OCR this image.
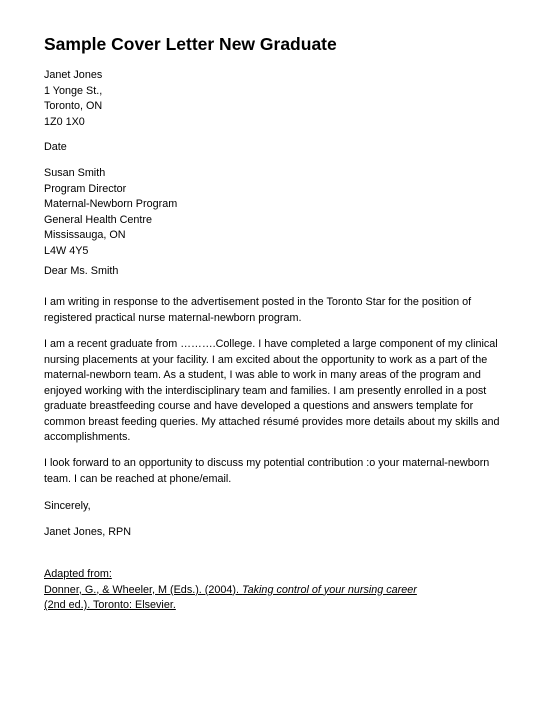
Sample Cover Letter New Graduate
Janet Jones
1 Yonge St.,
Toronto, ON
1Z0 1X0
Date
Susan Smith
Program Director
Maternal-Newborn Program
General Health Centre
Mississauga, ON
L4W 4Y5
Dear Ms. Smith
I am writing in response to the advertisement posted in the Toronto Star for the position of registered practical nurse maternal-newborn program.
I am a recent graduate from ……….College. I have completed a large component of my clinical nursing placements at your facility. I am excited about the opportunity to work as a part of the maternal-newborn team. As a student, I was able to work in many areas of the program and enjoyed working with the interdisciplinary team and families. I am presently enrolled in a post graduate breastfeeding course and have developed a questions and answers template for common breast feeding queries. My attached résumé provides more details about my skills and accomplishments.
I look forward to an opportunity to discuss my potential contribution :o your maternal-newborn team. I can be reached at phone/email.
Sincerely,
Janet Jones, RPN
Adapted from:
Donner, G., & Wheeler, M (Eds.). (2004). Taking control of your nursing career
(2nd ed.). Toronto: Elsevier.
